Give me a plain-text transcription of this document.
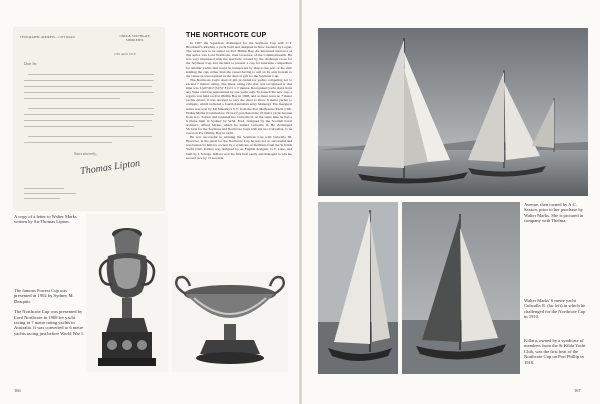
TELEGRAPHIC ADDRESS ... CITY ROAD	OSIDGE, SOUTHGATE, MIDDLESEX.
27th April 1910
Dear Sir,
Yours sincerely,
Thomas Lipton
A copy of a letter to Walter Marks written by Sir Thomas Lipton.

The famous Forrest Cup was presented in 1902 by Sydney M. Deaquitt.

The Northcote Cup was presented by Lord Northcote in 1908 for yacht racing in 7 metre rating yachts in Australia. It was converted to 6 metre yachts racing just before World War I.

166
THE NORTHCOTE CUP

In 1907 the Squadron challenged for the Seymour Cup with C.T. Brookhoff's Rawhiti, a yacht built and designed in New Zealand by Logan. The series was to be sailed on Port Phillip Bay. An interested spectator of this series was Lord Northcote, then Governor of the Commonwealth. He was very impressed with the spectacle created by the challenge races for the Seymour Cup and decided to present a cup for interstate competition for smaller yachts that could be transported by ship to the port of the club holding the cup, rather than the vessel having to sail on its own bottom to the venue as was required in the deed of gift for the Seymour Cup.

The Northcote Cup's deed of gift provided for yachts competing not to exceed 7 metres rating. The linear rating rule that was recognised at that time was L(2d+dG+(S)/3)−F)/2.5 = 7 metres. Recognised yacht clubs from any State could be represented by one yacht only. To launch the new cup, a regatta was held on Port Phillip Bay in 1908, and as there were no 7 metre yachts extant, it was decided to vary the deed to allow 6 metre yachts to compete, which included a fourth Australian entry Mabungi. The inaugural series was won by Mr Smedley's S.Y. from the Port Melbourne Yacht Club. Walter Marks (Commodore 1914-21) purchased the 16 metre yacht Avenue from A.C. Saxton and renamed her Culwalla II. At the same time he had a 6 metre built in Sydney by W.M. Ford, designed by the Scottish naval architect, Alfred Mylne, which he named Culwalla II. He challenged Victoria for the Seymour and Northcote Cups with his two Culwallas, to be raced on Port Phillip Bay in 1910.

He was successful in winning the Seymour Cup with Culwalla III. However, in his quest for the Northcote Cup he was not so successful and was beaten by Killara, owned by a syndicate of members from the St Kilda Yacht Club. Killara was designed by an English designer, G.V. Lane, and built by J. Savage. Killara won the first heat easily and managed to win the second race by 15 seconds.

Avenue, then owned by A.C. Saxton, prior to her purchase by Walter Marks. She is pictured in company with Thelma.
Walter Marks' 6 metre yacht Culwalla II. (far left) in which he challenged for the Northcote Cup in 1910.
Killara, owned by a syndicate of members from the St Kilda Yacht Club, was the first heat of the Northcote Cup on Port Phillip in 1910.
167
